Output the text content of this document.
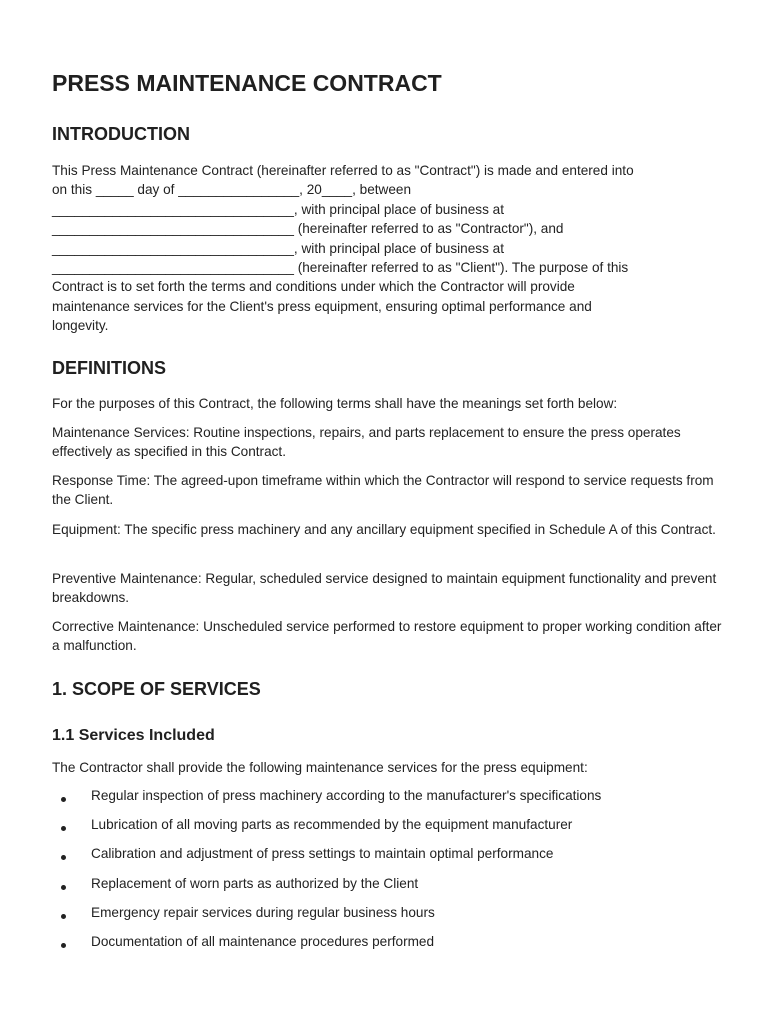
PRESS MAINTENANCE CONTRACT
INTRODUCTION
This Press Maintenance Contract (hereinafter referred to as "Contract") is made and entered into
on this _____ day of ________________, 20____, between
________________________________, with principal place of business at
________________________________ (hereinafter referred to as "Contractor"), and
________________________________, with principal place of business at
________________________________ (hereinafter referred to as "Client"). The purpose of this
Contract is to set forth the terms and conditions under which the Contractor will provide
maintenance services for the Client's press equipment, ensuring optimal performance and
longevity.
DEFINITIONS

For the purposes of this Contract, the following terms shall have the meanings set forth below:

Maintenance Services: Routine inspections, repairs, and parts replacement to ensure the press operates effectively as specified in this Contract.

Response Time: The agreed-upon timeframe within which the Contractor will respond to service requests from the Client.

Equipment: The specific press machinery and any ancillary equipment specified in Schedule A of this Contract.

Preventive Maintenance: Regular, scheduled service designed to maintain equipment functionality and prevent breakdowns.

Corrective Maintenance: Unscheduled service performed to restore equipment to proper working condition after a malfunction.

1. SCOPE OF SERVICES
1.1 Services Included

The Contractor shall provide the following maintenance services for the press equipment:

Regular inspection of press machinery according to the manufacturer's specifications
Lubrication of all moving parts as recommended by the equipment manufacturer
Calibration and adjustment of press settings to maintain optimal performance
Replacement of worn parts as authorized by the Client
Emergency repair services during regular business hours
Documentation of all maintenance procedures performed
